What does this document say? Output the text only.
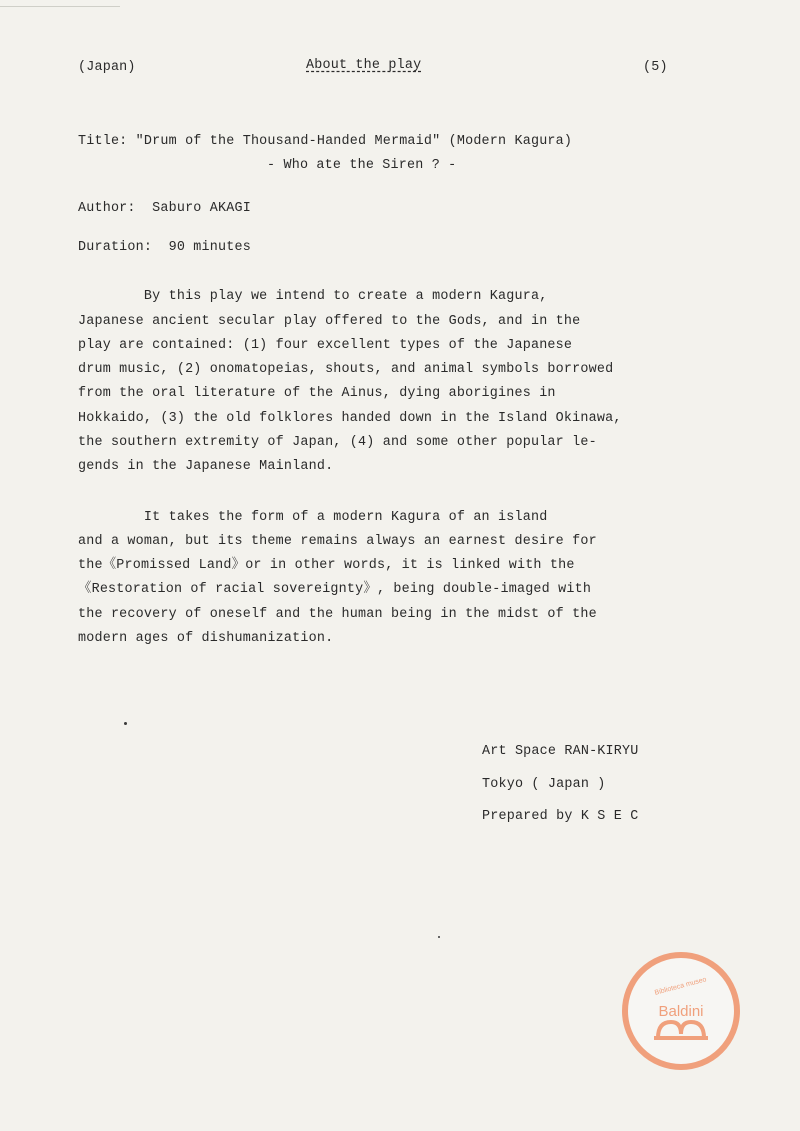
(Japan)	About the play	(5)
Title: "Drum of the Thousand-Handed Mermaid" (Modern Kagura)
- Who ate the Siren ? -
Author:  Saburo AKAGI
Duration:  90 minutes
By this play we intend to create a modern Kagura,
Japanese ancient secular play offered to the Gods, and in the
play are contained: (1) four excellent types of the Japanese
drum music, (2) onomatopeias, shouts, and animal symbols borrowed
from the oral literature of the Ainus, dying aborigines in
Hokkaido, (3) the old folklores handed down in the Island Okinawa,
the southern extremity of Japan, (4) and some other popular le-
gends in the Japanese Mainland.
It takes the form of a modern Kagura of an island
and a woman, but its theme remains always an earnest desire for
the《Promissed Land》or in other words, it is linked with the
《Restoration of racial sovereignty》, being double-imaged with
the recovery of oneself and the human being in the midst of the
modern ages of dishumanization.
Art Space RAN-KIRYU
Tokyo ( Japan )
Prepared by K S E C
Biblioteca museo
Baldini
